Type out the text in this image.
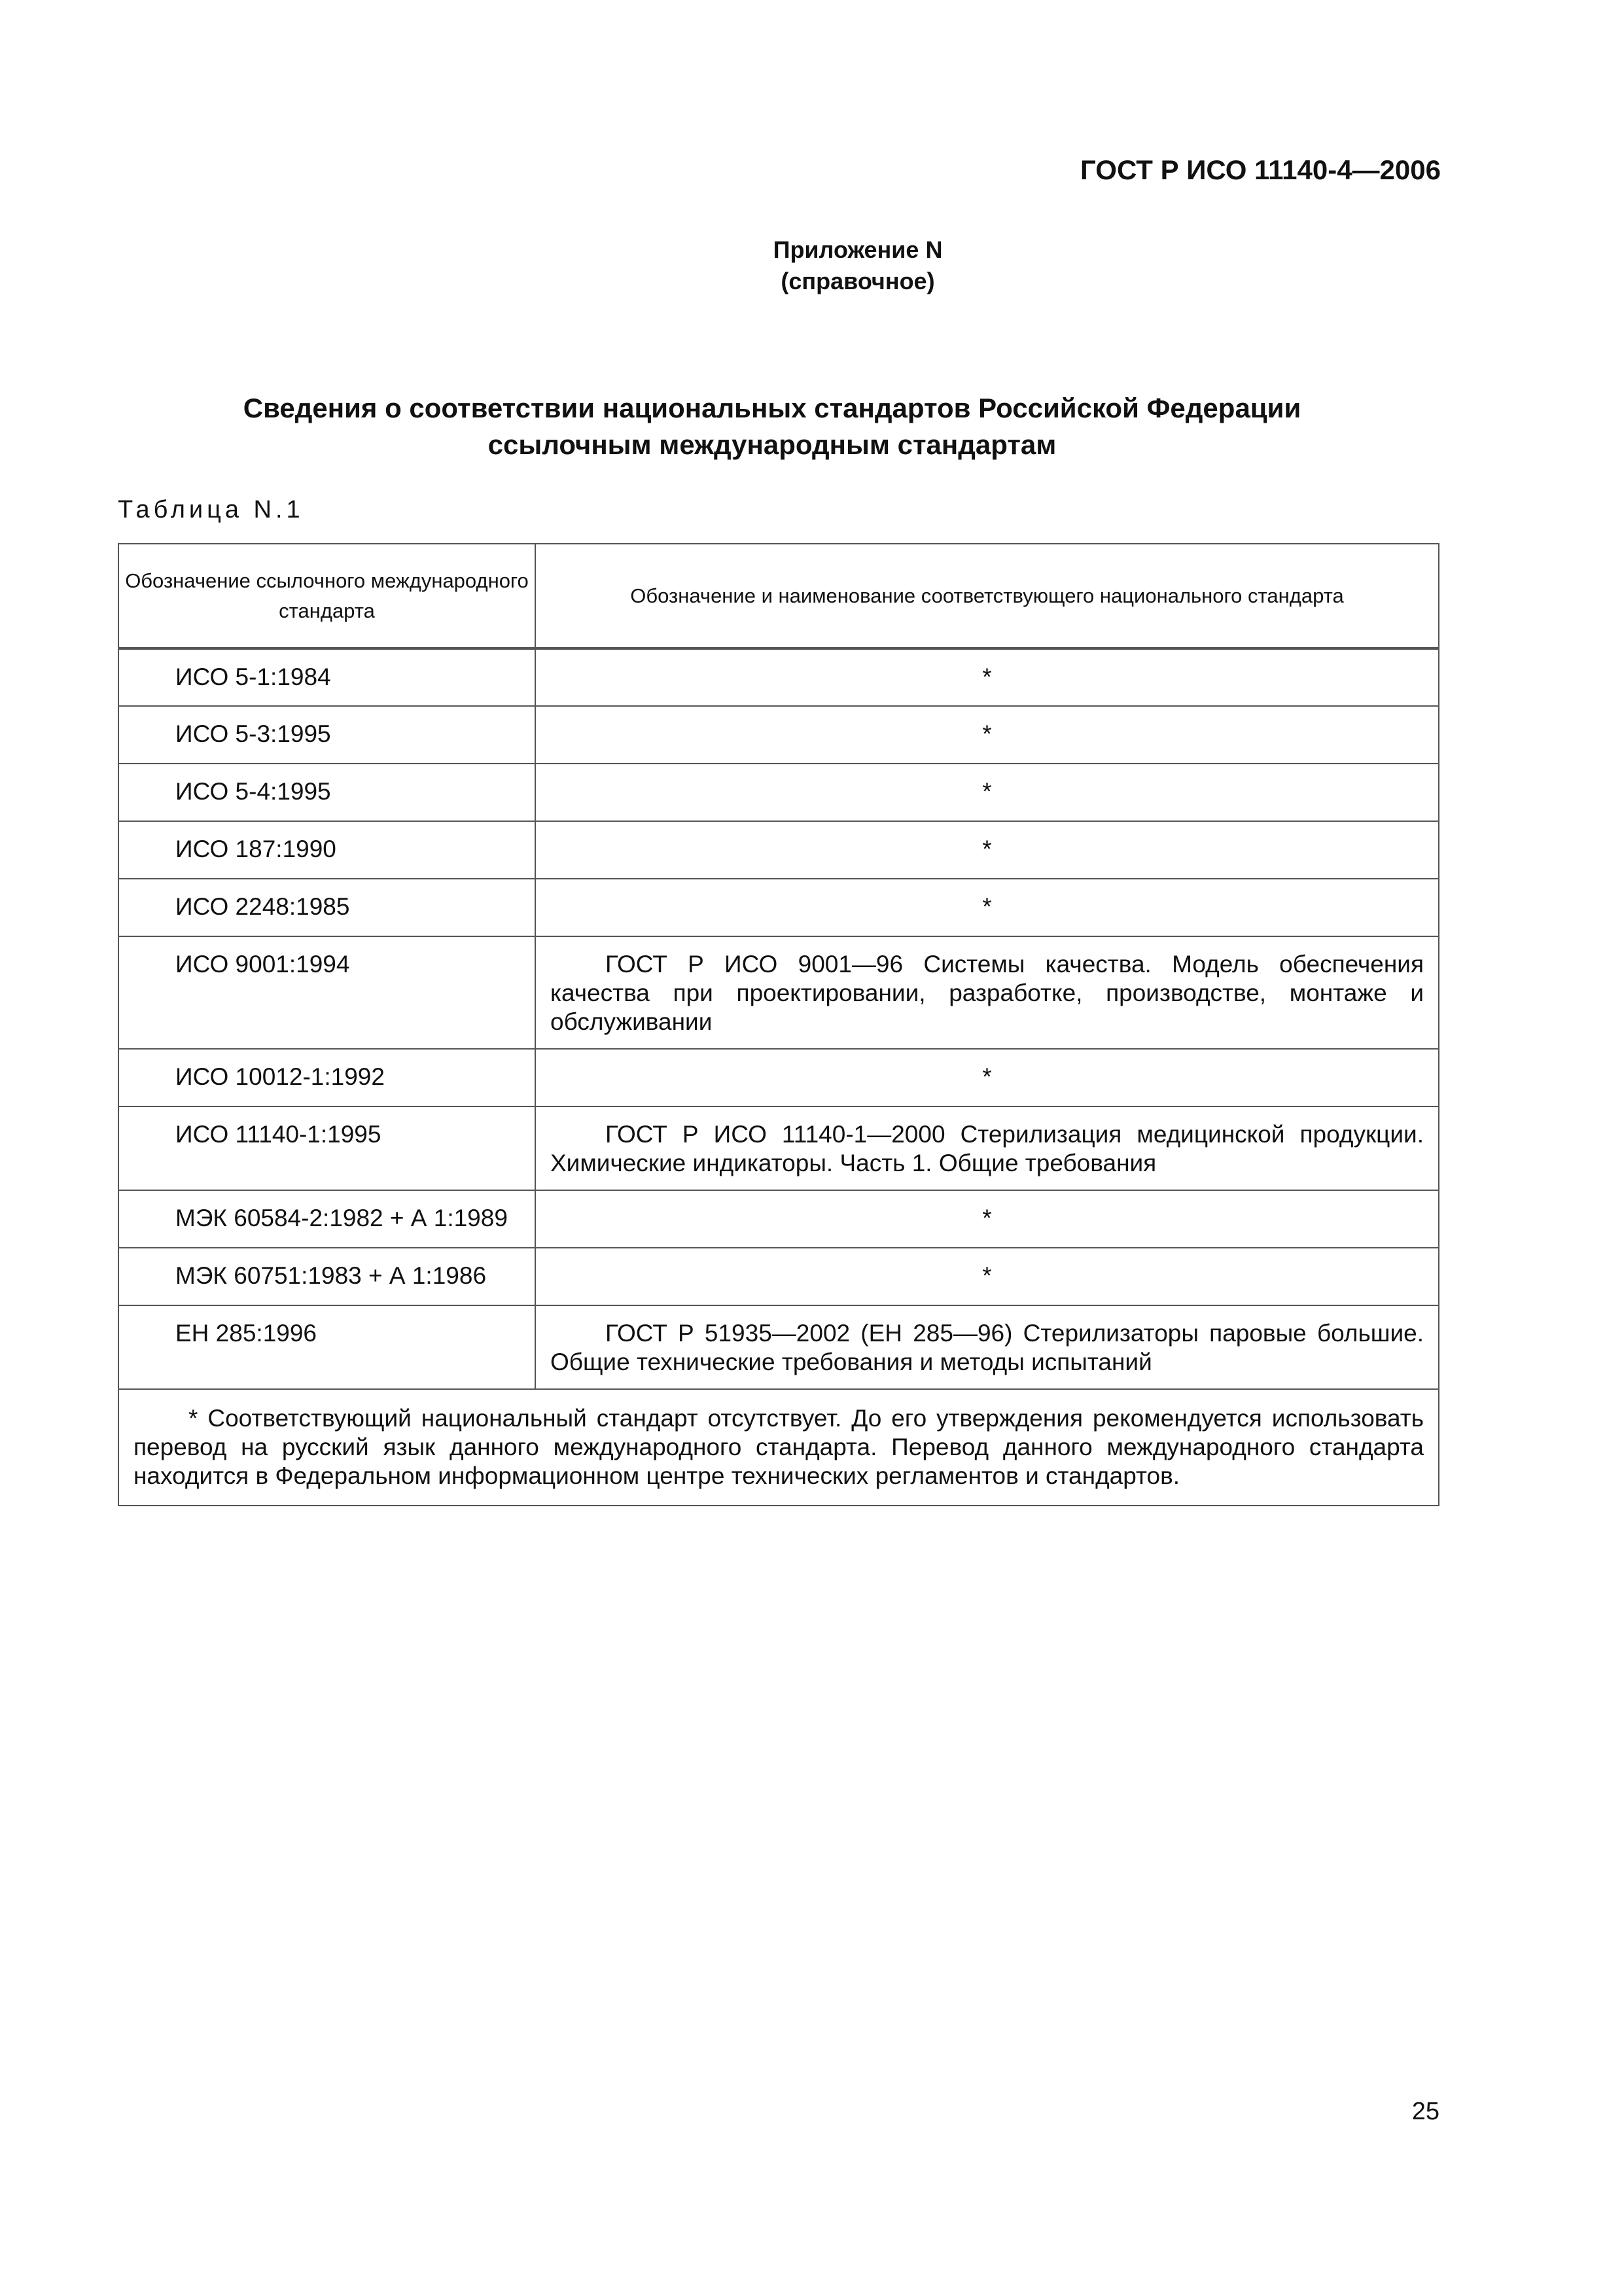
ГОСТ Р ИСО 11140-4—2006
Приложение N
(справочное)
Сведения о соответствии национальных стандартов Российской Федерации
ссылочным международным стандартам
Таблица N.1
Обозначение ссылочного международного стандарта	Обозначение и наименование соответствующего национального стандарта
ИСО 5-1:1984	*
ИСО 5-3:1995	*
ИСО 5-4:1995	*
ИСО 187:1990	*
ИСО 2248:1985	*
ИСО 9001:1994	ГОСТ Р ИСО 9001—96 Системы качества. Модель обеспечения качества при проектировании, разработке, производстве, монтаже и обслуживании
ИСО 10012-1:1992	*
ИСО 11140-1:1995	ГОСТ Р ИСО 11140-1—2000 Стерилизация медицинской продукции. Химические индикаторы. Часть 1. Общие требования
МЭК 60584-2:1982 + А 1:1989	*
МЭК 60751:1983 + А 1:1986	*
ЕН 285:1996	ГОСТ Р 51935—2002 (ЕН 285—96) Стерилизаторы паровые большие. Общие технические требования и методы испытаний
* Соответствующий национальный стандарт отсутствует. До его утверждения рекомендуется использовать перевод на русский язык данного международного стандарта. Перевод данного международного стандарта находится в Федеральном информационном центре технических регламентов и стандартов.	
25
